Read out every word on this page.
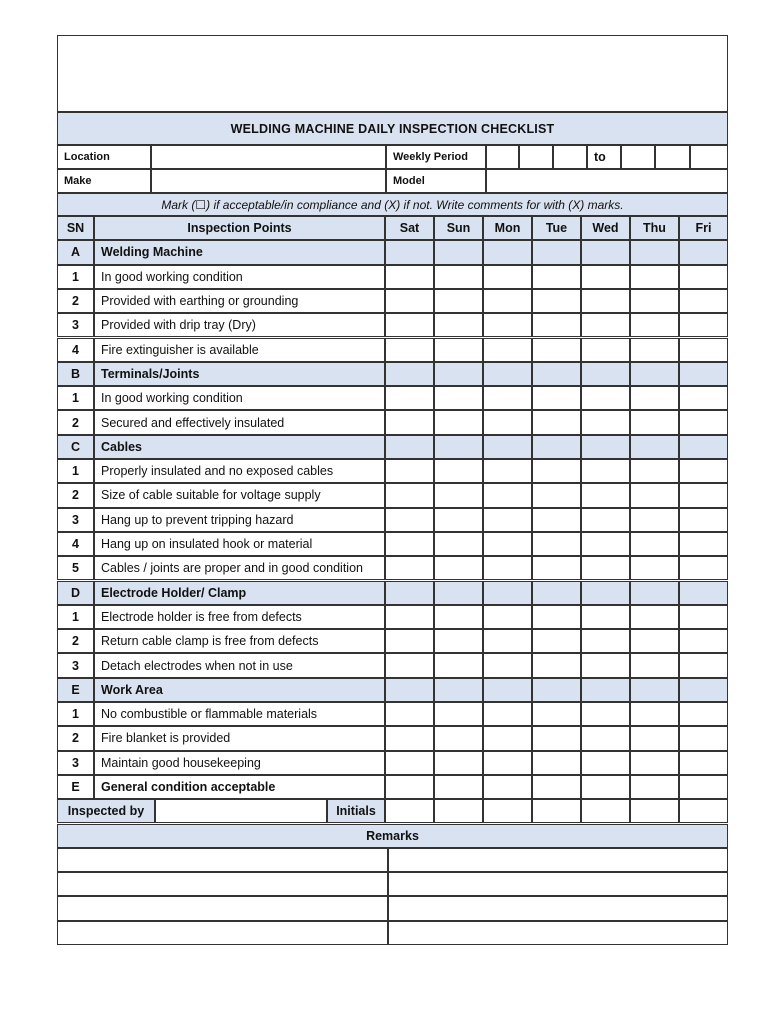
WELDING MACHINE DAILY INSPECTION CHECKLIST
Location	Weekly Period	to
Make	Model
Mark (☐) if acceptable/in compliance and (X) if not. Write comments for with (X) marks.
SN	Inspection Points	Sat	Sun	Mon	Tue	Wed	Thu	Fri
A	Welding Machine
1	In good working condition
2	Provided with earthing or grounding
3	Provided with drip tray (Dry)
4	Fire extinguisher is available
B	Terminals/Joints
1	In good working condition
2	Secured and effectively insulated
C	Cables
1	Properly insulated and no exposed cables
2	Size of cable suitable for voltage supply
3	Hang up to prevent tripping hazard
4	Hang up on insulated hook or material
5	Cables / joints are proper and in good condition
D	Electrode Holder/ Clamp
1	Electrode holder is free from defects
2	Return cable clamp is free from defects
3	Detach electrodes when not in use
E	Work Area
1	No combustible or flammable materials
2	Fire blanket is provided
3	Maintain good housekeeping
E	General condition acceptable
Inspected by	Initials
Remarks
